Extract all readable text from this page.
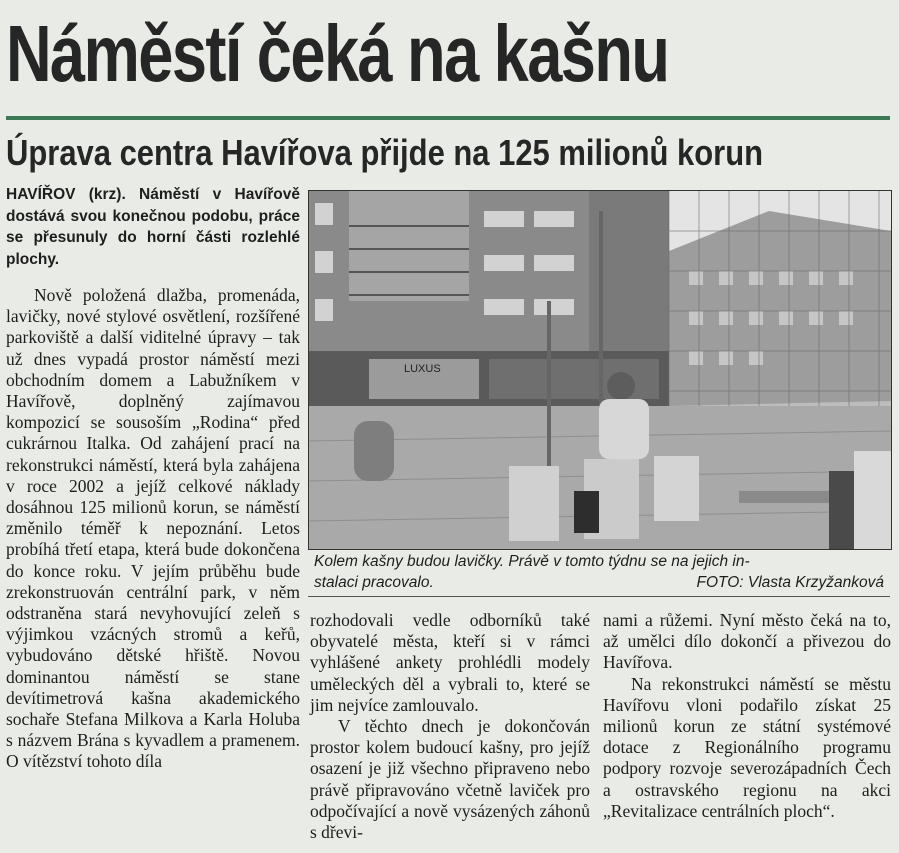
Náměstí čeká na kašnu
Úprava centra Havířova přijde na 125 milionů korun
HAVÍŘOV (krz). Náměstí v Havířově dostává svou konečnou podobu, práce se přesunuly do horní části rozlehlé plochy.

Nově položená dlažba, promenáda, lavičky, nové stylové osvětlení, rozšířené parkoviště a další viditelné úpravy – tak už dnes vypadá prostor náměstí mezi obchodním domem a Labužníkem v Havířově, doplněný zajímavou kompozicí se sousoším „Rodina“ před cukrárnou Italka. Od zahájení prací na rekonstrukci náměstí, která byla zahájena v roce 2002 a jejíž celkové náklady dosáhnou 125 milionů korun, se náměstí změnilo téměř k nepoznání. Letos probíhá třetí etapa, která bude dokončena do konce roku. V jejím průběhu bude zrekonstruován centrální park, v něm odstraněna stará nevyhovující zeleň s výjimkou vzácných stromů a keřů, vybudováno dětské hřiště. Novou dominantou náměstí se stane devítimetrová kašna akademického sochaře Stefana Milkova a Karla Holuba s názvem Brána s kyvadlem a pramenem. O vítězství tohoto díla

LUXUS
Kolem kašny budou lavičky. Právě v tomto týdnu se na jejich in-
stalaci pracovalo.	FOTO: Vlasta Krzyžanková

rozhodovali vedle odborníků také obyvatelé města, kteří si v rámci vyhlášené ankety prohlédli modely uměleckých děl a vybrali to, které se jim nejvíce zamlouvalo.

V těchto dnech je dokončován prostor kolem budoucí kašny, pro jejíž osazení je již všechno připraveno nebo právě připravováno včetně laviček pro odpočívající a nově vysázených záhonů s dřevi-

nami a růžemi. Nyní město čeká na to, až umělci dílo dokončí a přivezou do Havířova.

Na rekonstrukci náměstí se městu Havířovu vloni podařilo získat 25 milionů korun ze státní systémové dotace z Regionálního programu podpory rozvoje severozápadních Čech a ostravského regionu na akci „Revitalizace centrálních ploch“.
